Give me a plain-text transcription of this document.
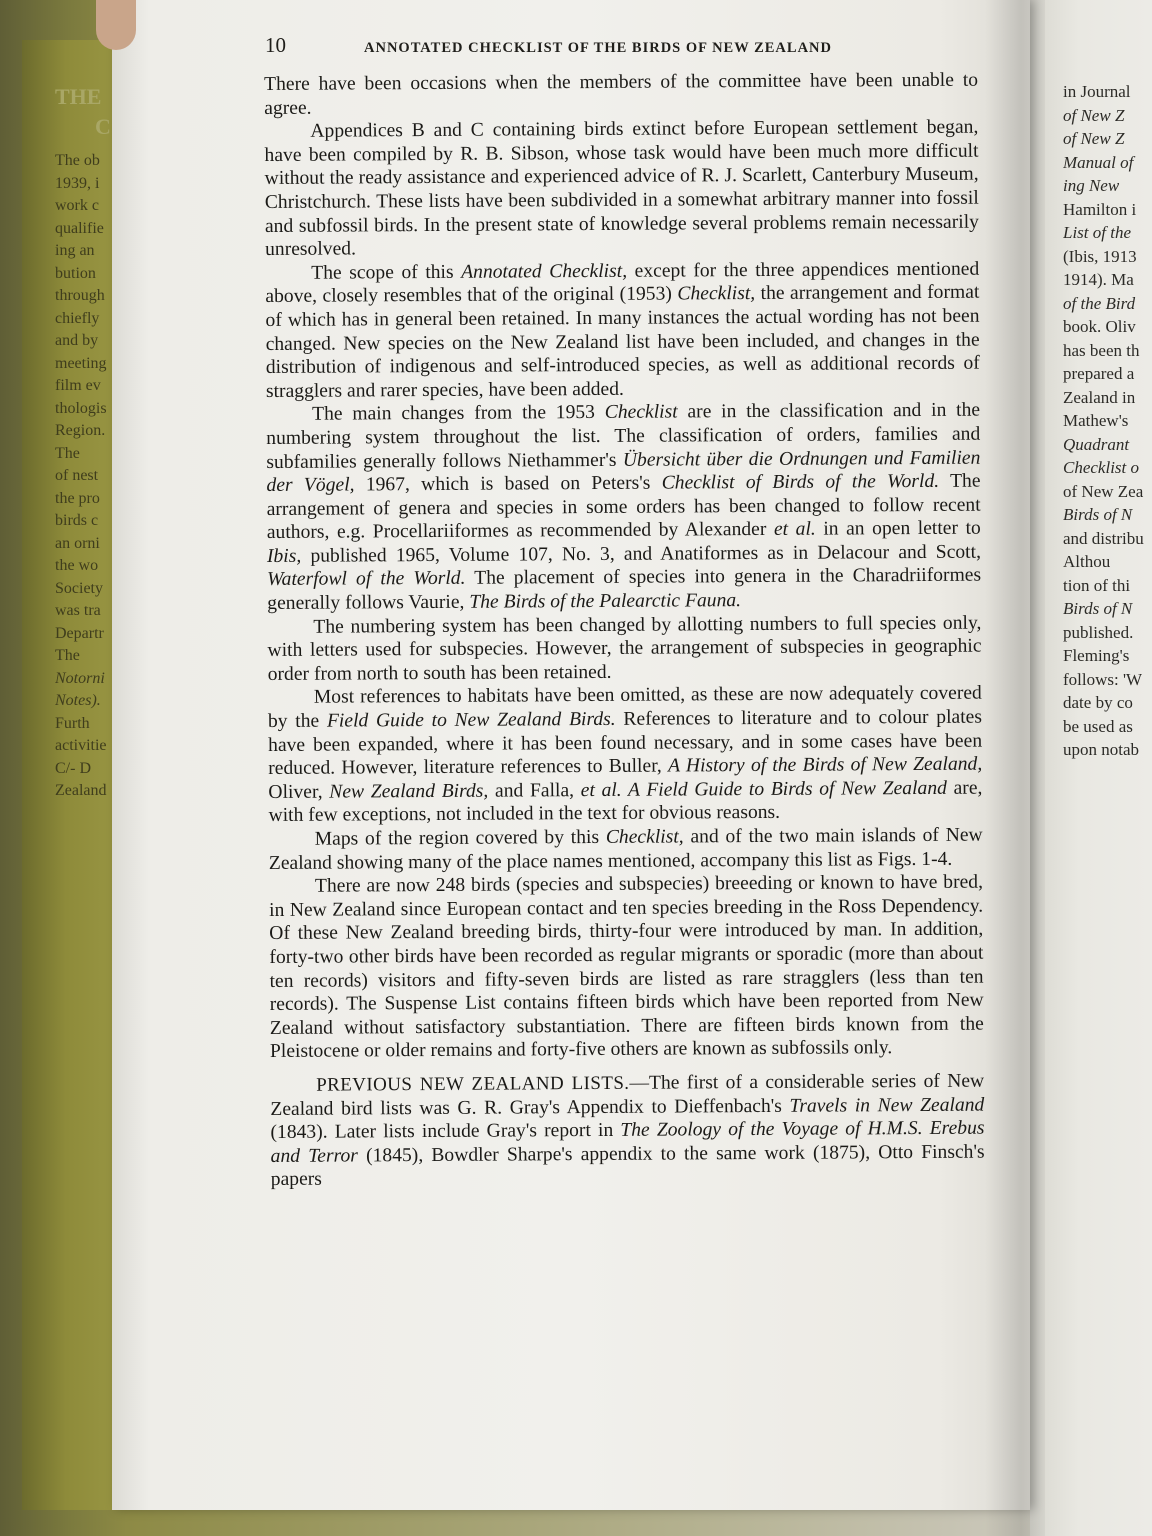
THE
C
The ob
1939, i
work c
qualifie
ing an
bution
through
chiefly
and by
meeting
film ev
thologis
Region.
The
of nest
the pro
birds c
an orni
the wo
Society
was tra
Departr
The
Notorni
Notes).
Furth
activitie
C/- D
Zealand
in Journal
of New Z
of New Z
Manual of
ing New
Hamilton i
List of the
(Ibis, 1913
1914). Ma
of the Bird
book. Oliv
has been th
prepared a
Zealand in
Mathew's
Quadrant
Checklist o
of New Zea
Birds of N
and distribu
Althou
tion of thi
Birds of N
published.
Fleming's
follows: 'W
date by co
be used as
upon notab
10	ANNOTATED CHECKLIST OF THE BIRDS OF NEW ZEALAND

There have been occasions when the members of the committee have been unable to agree.

Appendices B and C containing birds extinct before European settlement began, have been compiled by R. B. Sibson, whose task would have been much more difficult without the ready assistance and experienced advice of R. J. Scarlett, Canterbury Museum, Christchurch. These lists have been subdivided in a somewhat arbitrary manner into fossil and subfossil birds. In the present state of knowledge several problems remain necessarily unresolved.

The scope of this Annotated Checklist, except for the three appendices mentioned above, closely resembles that of the original (1953) Checklist, the arrangement and format of which has in general been retained. In many instances the actual wording has not been changed. New species on the New Zealand list have been included, and changes in the distribution of indigenous and self-introduced species, as well as additional records of stragglers and rarer species, have been added.

The main changes from the 1953 Checklist are in the classification and in the numbering system throughout the list. The classification of orders, families and subfamilies generally follows Niethammer's Übersicht über die Ordnungen und Familien der Vögel, 1967, which is based on Peters's Checklist of Birds of the World. The arrangement of genera and species in some orders has been changed to follow recent authors, e.g. Procellariiformes as recommended by Alexander et al. in an open letter to Ibis, published 1965, Volume 107, No. 3, and Anatiformes as in Delacour and Scott, Waterfowl of the World. The placement of species into genera in the Charadriiformes generally follows Vaurie, The Birds of the Palearctic Fauna.

The numbering system has been changed by allotting numbers to full species only, with letters used for subspecies. However, the arrangement of subspecies in geographic order from north to south has been retained.

Most references to habitats have been omitted, as these are now adequately covered by the Field Guide to New Zealand Birds. References to literature and to colour plates have been expanded, where it has been found necessary, and in some cases have been reduced. However, literature references to Buller, A History of the Birds of New Zealand, Oliver, New Zealand Birds, and Falla, et al. A Field Guide to Birds of New Zealand are, with few exceptions, not included in the text for obvious reasons.

Maps of the region covered by this Checklist, and of the two main islands of New Zealand showing many of the place names mentioned, accompany this list as Figs. 1-4.

There are now 248 birds (species and subspecies) breeeding or known to have bred, in New Zealand since European contact and ten species breeding in the Ross Dependency. Of these New Zealand breeding birds, thirty-four were introduced by man. In addition, forty-two other birds have been recorded as regular migrants or sporadic (more than about ten records) visitors and fifty-seven birds are listed as rare stragglers (less than ten records). The Suspense List contains fifteen birds which have been reported from New Zealand without satisfactory substantiation. There are fifteen birds known from the Pleistocene or older remains and forty-five others are known as subfossils only.

PREVIOUS NEW ZEALAND LISTS.—The first of a considerable series of New Zealand bird lists was G. R. Gray's Appendix to Dieffenbach's Travels in New Zealand (1843). Later lists include Gray's report in The Zoology of the Voyage of H.M.S. Erebus and Terror (1845), Bowdler Sharpe's appendix to the same work (1875), Otto Finsch's papers
